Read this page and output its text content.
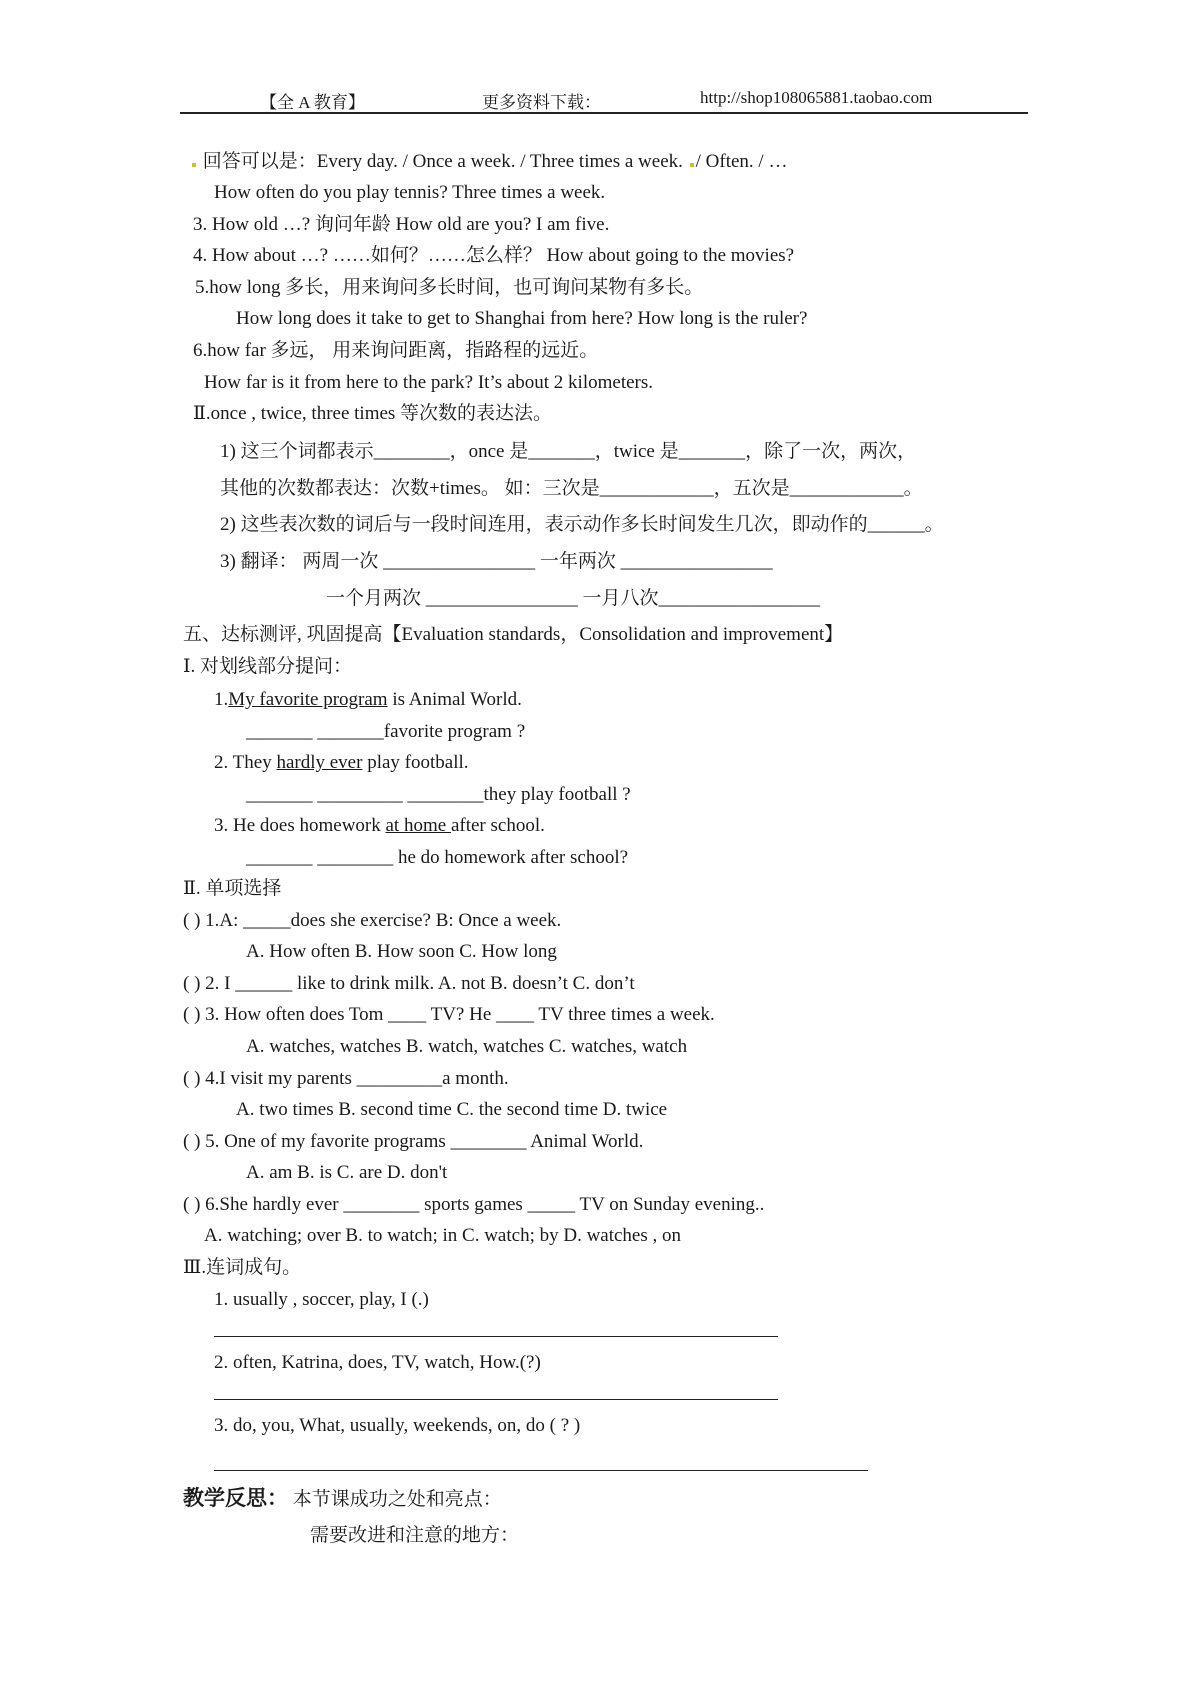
【全 A 教育】	更多资料下载：	http://shop108065881.taobao.com
回答可以是：Every day. / Once a week. / Three times a week. / Often. / …
How often do you play tennis? Three times a week.
3. How old …? 询问年龄 How old are you? I am five.
4. How about …? ……如何？……怎么样？ How about going to the movies?
5.how long 多长，用来询问多长时间，也可询问某物有多长。
How long does it take to get to Shanghai from here? How long is the ruler?
6.how far 多远， 用来询问距离，指路程的远近。
How far is it from here to the park? It’s about 2 kilometers.
Ⅱ.once , twice, three times 等次数的表达法。
1) 这三个词都表示________，once 是_______，twice 是_______，除了一次，两次，
其他的次数都表达：次数+times。 如：三次是____________，五次是____________。
2) 这些表次数的词后与一段时间连用，表示动作多长时间发生几次，即动作的______。
3) 翻译： 两周一次 ________________ 一年两次 ________________
一个月两次 ________________ 一月八次_________________
五、达标测评, 巩固提高【Evaluation standards，Consolidation and improvement】
Ⅰ. 对划线部分提问：
1.My favorite program is Animal World.
_______ _______favorite program ?
2. They hardly ever play football.
_______ _________ ________they play football ?
3. He does homework at home after school.
_______ ________ he do homework after school?
Ⅱ. 单项选择
( ) 1.A: _____does she exercise? B: Once a week.
A. How often B. How soon C. How long
( ) 2. I ______ like to drink milk. A. not B. doesn’t C. don’t
( ) 3. How often does Tom ____ TV? He ____ TV three times a week.
A. watches, watches B. watch, watches C. watches, watch
( ) 4.I visit my parents _________a month.
A. two times B. second time C. the second time D. twice
( ) 5. One of my favorite programs ________ Animal World.
A. am B. is C. are D. don't
( ) 6.She hardly ever ________ sports games _____ TV on Sunday evening..
A. watching; over B. to watch; in C. watch; by D. watches , on
Ⅲ.连词成句。
1. usually , soccer, play, I (.)
2. often, Katrina, does, TV, watch, How.(?)
3. do, you, What, usually, weekends, on, do ( ? )
教学反思： 本节课成功之处和亮点：
需要改进和注意的地方：
